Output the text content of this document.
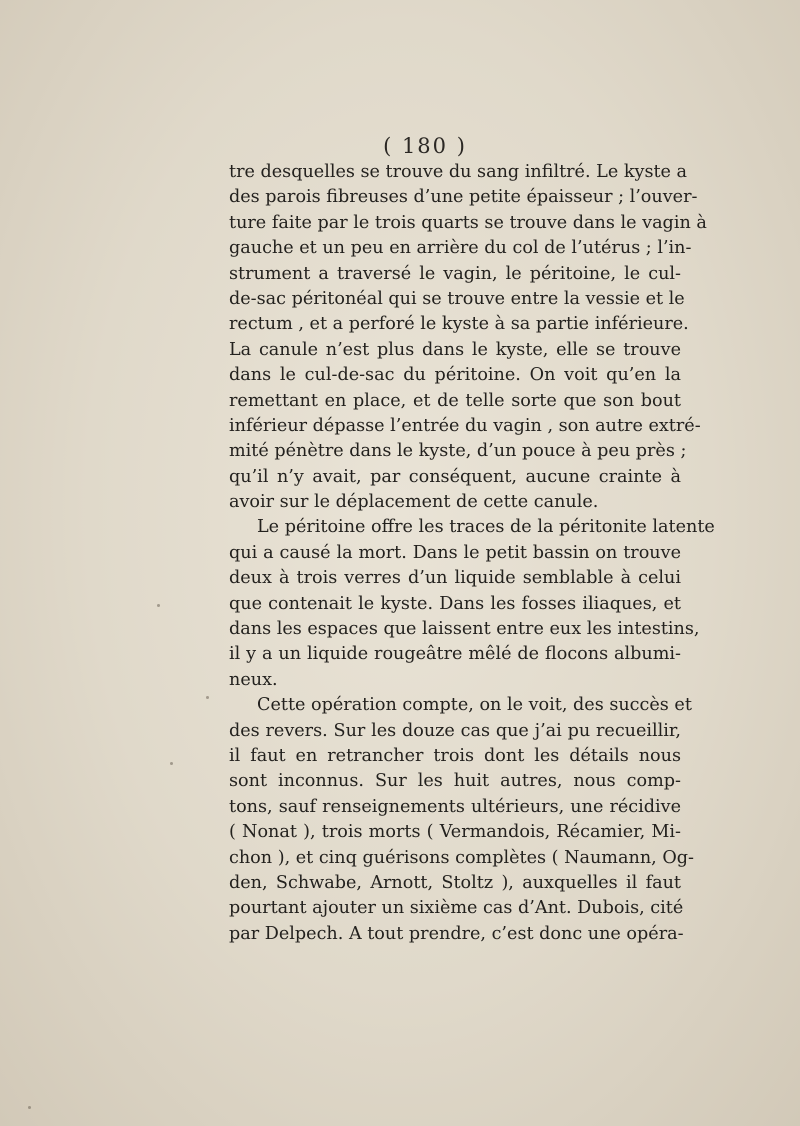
( 180 )
tre desquelles se trouve du sang infiltré. Le kyste a
des parois fibreuses d’une petite épaisseur ; l’ouver-
ture faite par le trois quarts se trouve dans le vagin à
gauche et un peu en arrière du col de l’utérus ; l’in-
strument a traversé le vagin, le péritoine, le cul-
de-sac péritonéal qui se trouve entre la vessie et le
rectum , et a perforé le kyste à sa partie inférieure.
La canule n’est plus dans le kyste, elle se trouve
dans le cul-de-sac du péritoine. On voit qu’en la
remettant en place, et de telle sorte que son bout
inférieur dépasse l’entrée du vagin , son autre extré-
mité pénètre dans le kyste, d’un pouce à peu près ;
qu’il n’y avait, par conséquent, aucune crainte à
avoir sur le déplacement de cette canule.
Le péritoine offre les traces de la péritonite latente
qui a causé la mort. Dans le petit bassin on trouve
deux à trois verres d’un liquide semblable à celui
que contenait le kyste. Dans les fosses iliaques, et
dans les espaces que laissent entre eux les intestins,
il y a un liquide rougeâtre mêlé de flocons albumi-
neux.
Cette opération compte, on le voit, des succès et
des revers. Sur les douze cas que j’ai pu recueillir,
il faut en retrancher trois dont les détails nous
sont inconnus. Sur les huit autres, nous comp-
tons, sauf renseignements ultérieurs, une récidive
( Nonat ), trois morts ( Vermandois, Récamier, Mi-
chon ), et cinq guérisons complètes ( Naumann, Og-
den, Schwabe, Arnott, Stoltz ), auxquelles il faut
pourtant ajouter un sixième cas d’Ant. Dubois, cité
par Delpech. A tout prendre, c’est donc une opéra-
